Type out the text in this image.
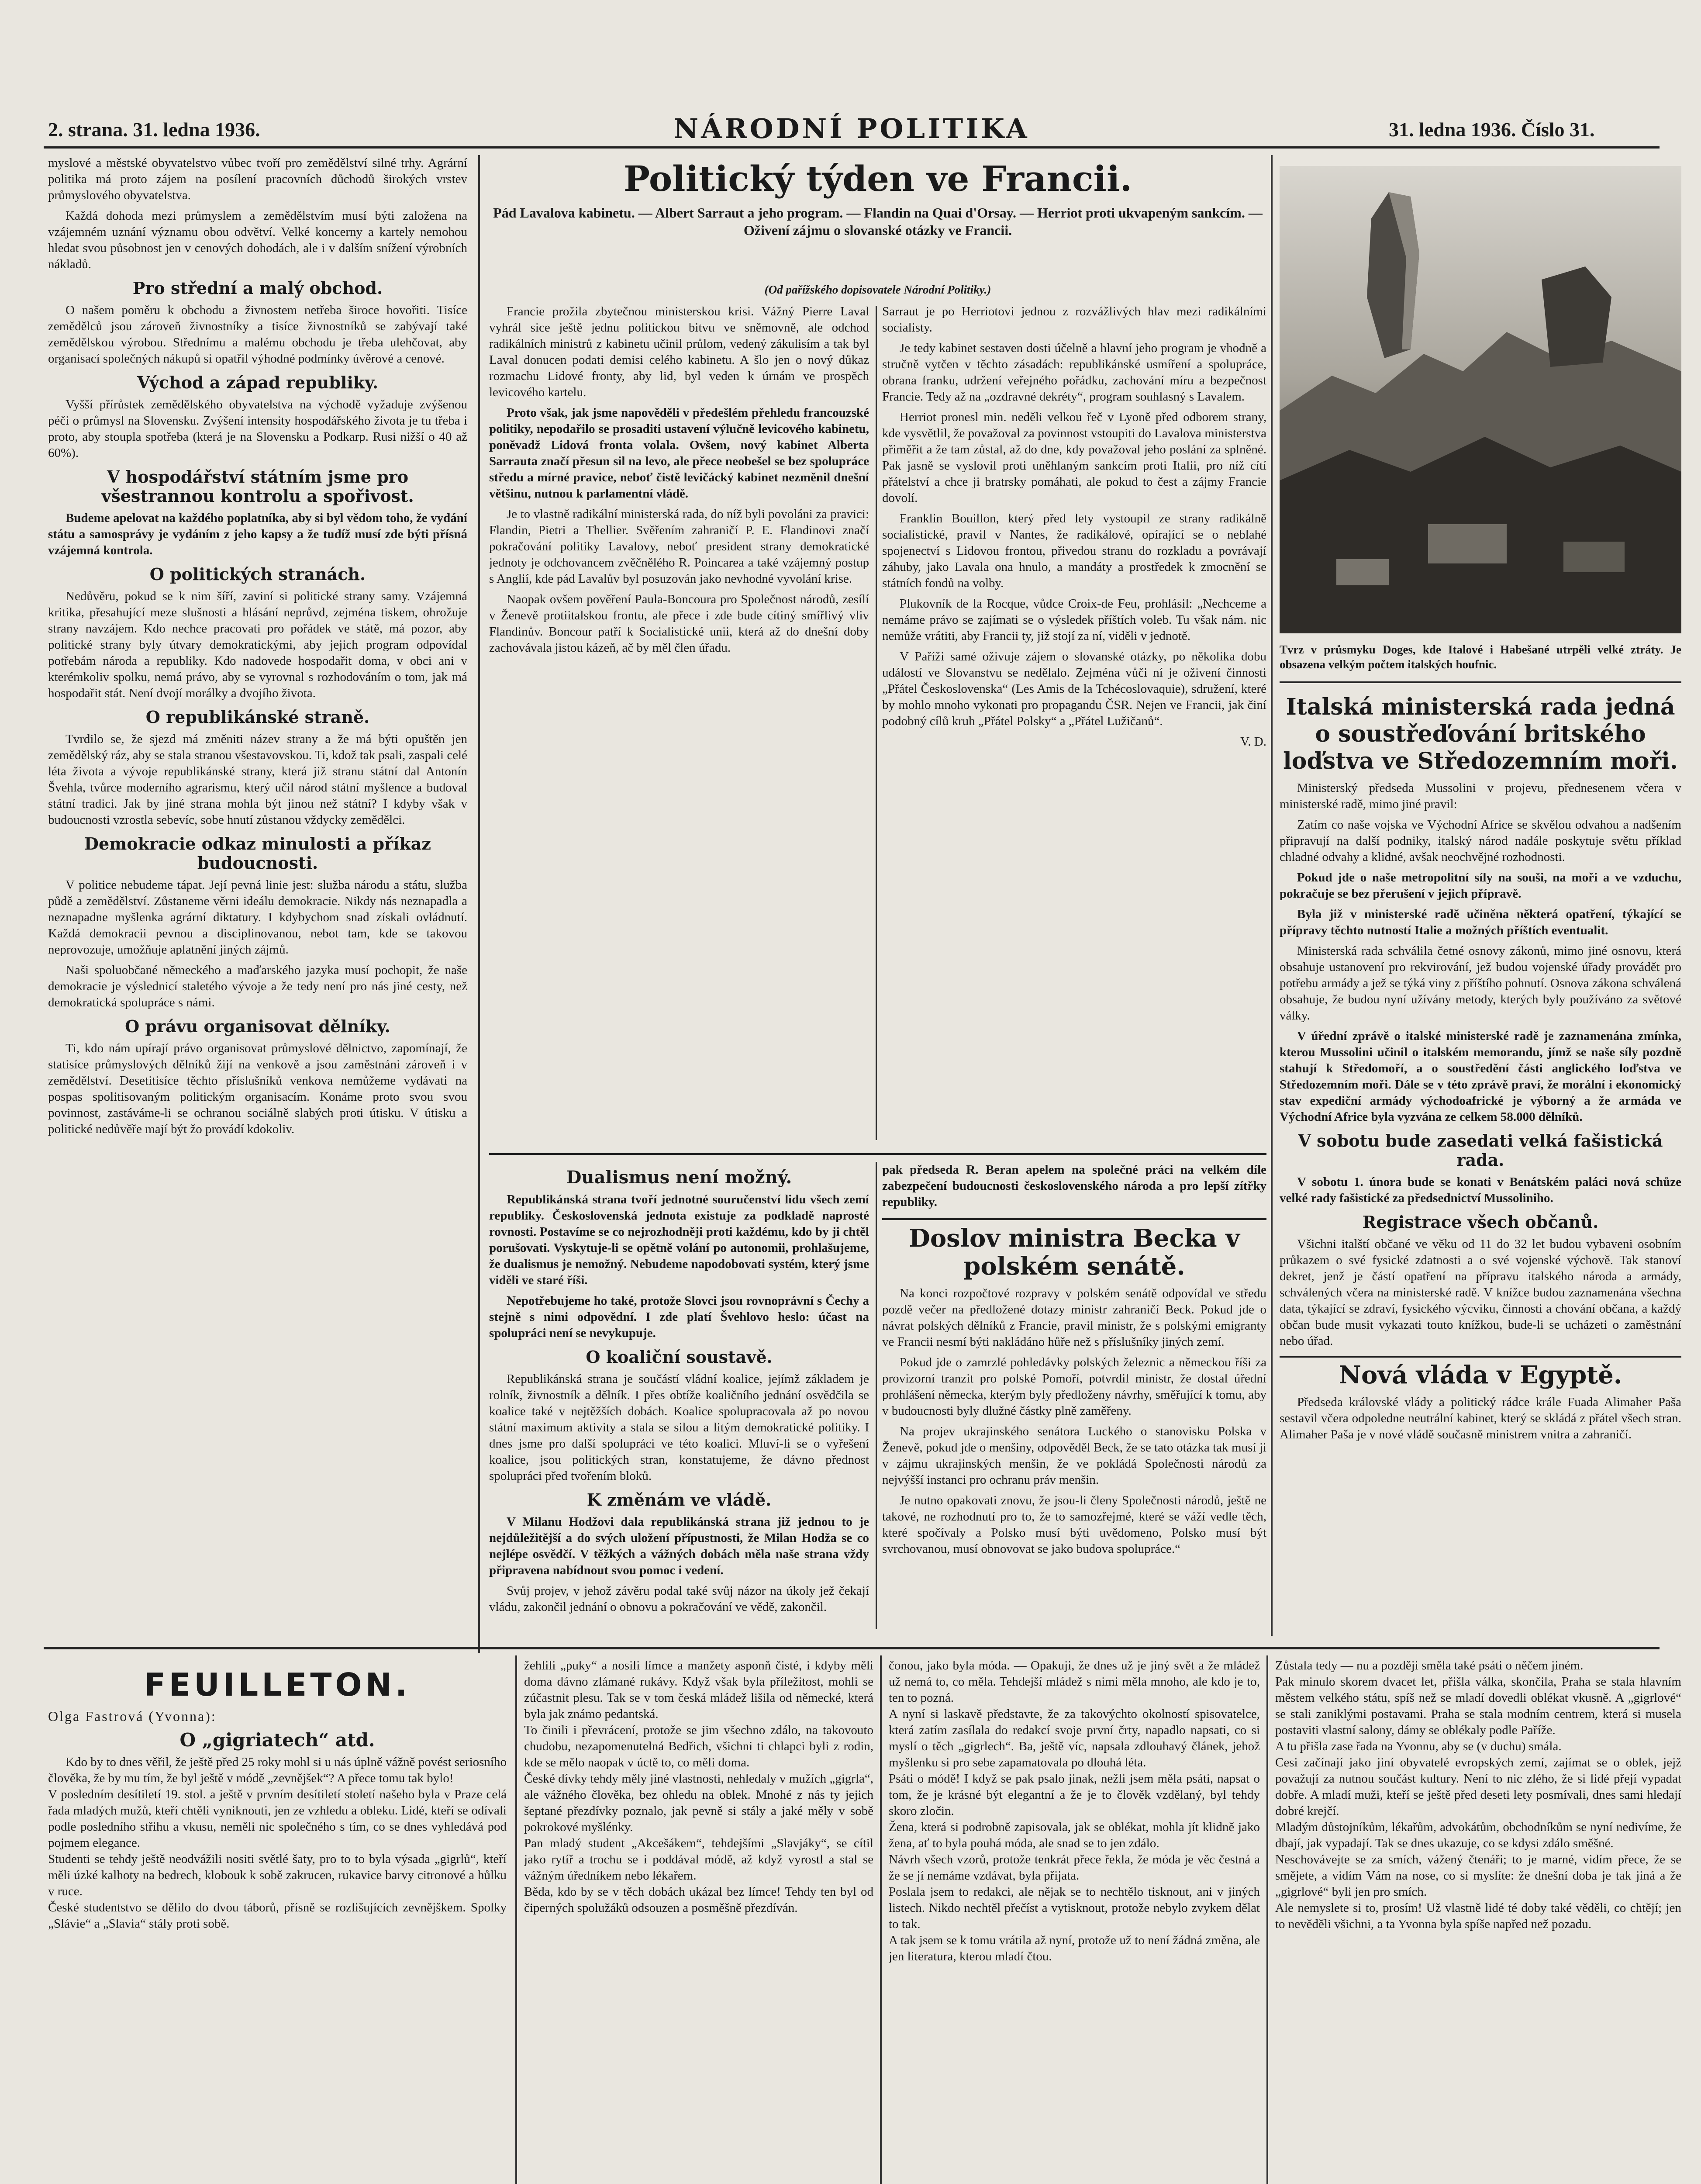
2. strana. 31. ledna 1936.	NÁRODNÍ POLITIKA	31. ledna 1936. Číslo 31.

myslové a městské obyvatelstvo vůbec tvoří pro zemědělství silné trhy. Agrární politika má proto zájem na posílení pracovních důchodů širokých vrstev průmyslového obyvatelstva.

Každá dohoda mezi průmyslem a zemědělstvím musí býti založena na vzájemném uznání významu obou odvětví. Velké koncerny a kartely nemohou hledat svou působnost jen v cenových dohodách, ale i v dalším snížení výrobních nákladů.

Pro střední a malý obchod.

O našem poměru k obchodu a živnostem netřeba široce hovořiti. Tisíce zemědělců jsou zároveň živnostníky a tisíce živnostníků se zabývají také zemědělskou výrobou. Střednímu a malému obchodu je třeba ulehčovat, aby organisací společných nákupů si opatřil výhodné podmínky úvěrové a cenové.

Východ a západ republiky.

Vyšší přírůstek zemědělského obyvatelstva na východě vyžaduje zvýšenou péči o průmysl na Slovensku. Zvýšení intensity hospodářského života je tu třeba i proto, aby stoupla spotřeba (která je na Slovensku a Podkarp. Rusi nižší o 40 až 60%).

V hospodářství státním jsme pro všestrannou kontrolu a spořivost.

Budeme apelovat na každého poplatníka, aby si byl vědom toho, že vydání státu a samosprávy je vydáním z jeho kapsy a že tudíž musí zde býti přísná vzájemná kontrola.

O politických stranách.

Nedůvěru, pokud se k nim šíří, zaviní si politické strany samy. Vzájemná kritika, přesahující meze slušnosti a hlásání neprůvd, zejména tiskem, ohrožuje strany navzájem. Kdo nechce pracovati pro pořádek ve státě, má pozor, aby politické strany byly útvary demokratickými, aby jejich program odpovídal potřebám národa a republiky. Kdo nadovede hospodařit doma, v obci ani v kterémkoliv spolku, nemá právo, aby se vyrovnal s rozhodováním o tom, jak má hospodařit stát. Není dvojí morálky a dvojího života.

O republikánské straně.

Tvrdilo se, že sjezd má změniti název strany a že má býti opuštěn jen zemědělský ráz, aby se stala stranou všestavovskou. Ti, kdož tak psali, zaspali celé léta života a vývoje republikánské strany, která již stranu státní dal Antonín Švehla, tvůrce moderního agrarismu, který učil národ státní myšlence a budoval státní tradici. Jak by jiné strana mohla být jinou než státní? I kdyby však v budoucnosti vzrostla sebevíc, sobe hnutí zůstanou vždycky zemědělci.

Demokracie odkaz minulosti a příkaz budoucnosti.

V politice nebudeme tápat. Její pevná linie jest: služba národu a státu, služba půdě a zemědělství. Zůstaneme věrni ideálu demokracie. Nikdy nás neznapadla a neznapadne myšlenka agrární diktatury. I kdybychom snad získali ovládnutí. Každá demokracii pevnou a disciplinovanou, nebot tam, kde se takovou neprovozuje, umožňuje aplatnění jiných zájmů.

Naši spoluobčané německého a maďarského jazyka musí pochopit, že naše demokracie je výslednicí staletého vývoje a že tedy není pro nás jiné cesty, než demokratická spolupráce s námi.

O právu organisovat dělníky.

Ti, kdo nám upírají právo organisovat průmyslové dělnictvo, zapomínají, že statisíce průmyslových dělníků žijí na venkově a jsou zaměstnáni zároveň i v zemědělství. Desetitisíce těchto příslušníků venkova nemůžeme vydávati na pospas spolitisovaným politickým organisacím. Konáme proto svou svou povinnost, zastáváme-li se ochranou sociálně slabých proti útisku. V útisku a politické nedůvěře mají být žo provádí kdokoliv.

Politický týden ve Francii.

Pád Lavalova kabinetu. — Albert Sarraut a jeho program. — Flandin na Quai d'Orsay. — Herriot proti ukvapeným sankcím. — Oživení zájmu o slovanské otázky ve Francii.

(Od pařížského dopisovatele Národní Politiky.)

Francie prožila zbytečnou ministerskou krisi. Vážný Pierre Laval vyhrál sice ještě jednu politickou bitvu ve sněmovně, ale odchod radikálních ministrů z kabinetu učinil průlom, vedený zákulisím a tak byl Laval donucen podati demisi celého kabinetu. A šlo jen o nový důkaz rozmachu Lidové fronty, aby lid, byl veden k úrnám ve prospěch levicového kartelu.

Proto však, jak jsme napověděli v předešlém přehledu francouzské politiky, nepodařilo se prosaditi ustavení výlučně levicového kabinetu, poněvadž Lidová fronta volala. Ovšem, nový kabinet Alberta Sarrauta značí přesun sil na levo, ale přece neobešel se bez spolupráce středu a mírné pravice, neboť čistě levičácký kabinet nezměnil dnešní většinu, nutnou k parlamentní vládě.

Je to vlastně radikální ministerská rada, do níž byli povoláni za pravici: Flandin, Pietri a Thellier. Svěřením zahraničí P. E. Flandinovi značí pokračování politiky Lavalovy, neboť president strany demokratické jednoty je odchovancem zvěčnělého R. Poincarea a také vzájemný postup s Anglií, kde pád Lavalův byl posuzován jako nevhodné vyvolání krise.

Naopak ovšem pověření Paula-Boncoura pro Společnost národů, zesílí v Ženevě protiitalskou frontu, ale přece i zde bude cítiný smířlivý vliv Flandinův. Boncour patří k Socialistické unii, která až do dnešní doby zachovávala jistou kázeň, ač by měl člen úřadu.

Sarraut je po Herriotovi jednou z rozvážlivých hlav mezi radikálními socialisty.

Je tedy kabinet sestaven dosti účelně a hlavní jeho program je vhodně a stručně vytčen v těchto zásadách: republikánské usmíření a spolupráce, obrana franku, udržení veřejného pořádku, zachování míru a bezpečnost Francie. Tedy až na „ozdravné dekréty“, program souhlasný s Lavalem.

Herriot pronesl min. neděli velkou řeč v Lyoně před odborem strany, kde vysvětlil, že považoval za povinnost vstoupiti do Lavalova ministerstva přiměřit a že tam zůstal, až do dne, kdy považoval jeho poslání za splněné. Pak jasně se vyslovil proti uněhlaným sankcím proti Italii, pro níž cítí přátelství a chce ji bratrsky pomáhati, ale pokud to čest a zájmy Francie dovolí.

Franklin Bouillon, který před lety vystoupil ze strany radikálně socialistické, pravil v Nantes, že radikálové, opírající se o neblahé spojenectví s Lidovou frontou, přivedou stranu do rozkladu a povrávají záhuby, jako Lavala ona hnulo, a mandáty a prostředek k zmocnění se státních fondů na volby.

Plukovník de la Rocque, vůdce Croix-de Feu, prohlásil: „Nechceme a nemáme právo se zajímati se o výsledek příštích voleb. Tu však nám. nic nemůže vrátiti, aby Francii ty, již stojí za ní, viděli v jednotě.

V Paříži samé oživuje zájem o slovanské otázky, po několika dobu událostí ve Slovanstvu se nedělalo. Zejména vůči ní je oživení činnosti „Přátel Československa“ (Les Amis de la Tchécoslovaquie), sdružení, které by mohlo mnoho vykonati pro propagandu ČSR. Nejen ve Francii, jak činí podobný cílů kruh „Přátel Polsky“ a „Přátel Lužičanů“.

V. D.

Dualismus není možný.

Republikánská strana tvoří jednotné souručenství lidu všech zemí republiky. Československá jednota existuje za podkladě naprosté rovnosti. Postavíme se co nejrozhodněji proti každému, kdo by ji chtěl porušovati. Vyskytuje-li se opětně volání po autonomii, prohlašujeme, že dualismus je nemožný. Nebudeme napodobovati systém, který jsme viděli ve staré říši.

Nepotřebujeme ho také, protože Slovci jsou rovnoprávní s Čechy a stejně s nimi odpovědní. I zde platí Švehlovo heslo: účast na spolupráci není se nevykupuje.

O koaliční soustavě.

Republikánská strana je součástí vládní koalice, jejímž základem je rolník, živnostník a dělník. I přes obtíže koaličního jednání osvědčila se koalice také v nejtěžších dobách. Koalice spolupracovala až po novou státní maximum aktivity a stala se silou a litým demokratické politiky. I dnes jsme pro další spolupráci ve této koalici. Mluví-li se o vyřešení koalice, jsou politických stran, konstatujeme, že dávno přednost spolupráci před tvořením bloků.

K změnám ve vládě.

V Milanu Hodžovi dala republikánská strana již jednou to je nejdůležitější a do svých uložení přípustnosti, že Milan Hodža se co nejlépe osvědčí. V těžkých a vážných dobách měla naše strana vždy připravena nabídnout svou pomoc i vedení.

Svůj projev, v jehož závěru podal také svůj názor na úkoly jež čekají vládu, zakončil jednání o obnovu a pokračování ve vědě, zakončil.

pak předseda R. Beran apelem na společné práci na velkém díle zabezpečení budoucnosti československého národa a pro lepší zítřky republiky.

Doslov ministra Becka v polském senátě.

Na konci rozpočtové rozpravy v polském senátě odpovídal ve středu pozdě večer na předložené dotazy ministr zahraničí Beck. Pokud jde o návrat polských dělníků z Francie, pravil ministr, že s polskými emigranty ve Francii nesmí býti nakládáno hůře než s příslušníky jiných zemí.

Pokud jde o zamrzlé pohledávky polských železnic a německou říši za provizorní tranzit pro polské Pomoří, potvrdil ministr, že dostal úřední prohlášení německa, kterým byly předloženy návrhy, směřující k tomu, aby v budoucnosti byly dlužné částky plně zaměřeny.

Na projev ukrajinského senátora Luckého o stanovisku Polska v Ženevě, pokud jde o menšiny, odpověděl Beck, že se tato otázka tak musí ji v zájmu ukrajinských menšin, že ve pokládá Společnosti národů za nejvýšší instanci pro ochranu práv menšin.

Je nutno opakovati znovu, že jsou-li členy Společnosti národů, ještě ne takové, ne rozhodnutí pro to, že to samozřejmé, které se váží vedle těch, které spočívaly a Polsko musí býti uvědomeno, Polsko musí být svrchovanou, musí obnovovat se jako budova spolupráce.“

Tvrz v průsmyku Doges, kde Italové i Habešané utrpěli velké ztráty. Je obsazena velkým počtem italských houfnic.
Italská ministerská rada jedná o soustřeďování britského loďstva ve Středozemním moři.

Ministerský předseda Mussolini v projevu, přednesenem včera v ministerské radě, mimo jiné pravil:

Zatím co naše vojska ve Východní Africe se skvělou odvahou a nadšením připravují na další podniky, italský národ nadále poskytuje světu příklad chladné odvahy a klidné, avšak neochvějné rozhodnosti.

Pokud jde o naše metropolitní síly na souši, na moři a ve vzduchu, pokračuje se bez přerušení v jejich přípravě.

Byla již v ministerské radě učiněna některá opatření, týkající se přípravy těchto nutností Italie a možných příštích eventualit.

Ministerská rada schválila četné osnovy zákonů, mimo jiné osnovu, která obsahuje ustanovení pro rekvirování, jež budou vojenské úřady provádět pro potřebu armády a jež se týká viny z příštího pohnutí. Osnova zákona schválená obsahuje, že budou nyní užívány metody, kterých byly používáno za světové války.

V úřední zprávě o italské ministerské radě je zaznamenána zmínka, kterou Mussolini učinil o italském memorandu, jímž se naše síly pozdně stahují k Středomoří, a o soustředění části anglického loďstva ve Středozemním moři. Dále se v této zprávě praví, že morální i ekonomický stav expediční armády východoafrické je výborný a že armáda ve Východní Africe byla vyzvána ze celkem 58.000 dělníků.

V sobotu bude zasedati velká fašistická rada.

V sobotu 1. února bude se konati v Benátském paláci nová schůze velké rady fašistické za předsednictví Mussoliniho.

Registrace všech občanů.

Všichni italští občané ve věku od 11 do 32 let budou vybaveni osobním průkazem o své fysické zdatnosti a o své vojenské výchově. Tak stanoví dekret, jenž je částí opatření na přípravu italského národa a armády, schválených včera na ministerské radě. V knížce budou zaznamenána všechna data, týkající se zdraví, fysického výcviku, činnosti a chování občana, a každý občan bude musit vykazati touto knížkou, bude-li se ucházeti o zaměstnání nebo úřad.

Nová vláda v Egyptě.

Předseda královské vlády a politický rádce krále Fuada Alimaher Paša sestavil včera odpoledne neutrální kabinet, který se skládá z přátel všech stran. Alimaher Paša je v nové vládě současně ministrem vnitra a zahraničí.

FEUILLETON.

Olga Fastrová (Yvonna):

O „gigriatech“ atd.

Kdo by to dnes věřil, že ještě před 25 roky mohl si u nás úplně vážně povést seriosního člověka, že by mu tím, že byl ještě v módě „zevnějšek“? A přece tomu tak bylo!
V posledním desítiletí 19. stol. a ještě v prvním desítiletí století našeho byla v Praze celá řada mladých mužů, kteří chtěli vyniknouti, jen ze vzhledu a obleku. Lidé, kteří se odívali podle posledního střihu a vkusu, neměli nic společného s tím, co se dnes vyhledává pod pojmem elegance.
Studenti se tehdy ještě neodvážili nositi světlé šaty, pro to to byla výsada „gigrlů“, kteří měli úzké kalhoty na bedrech, klobouk k sobě zakrucen, rukavice barvy citronové a hůlku v ruce.
České studentstvo se dělilo do dvou táborů, přísně se rozlišujících zevnějškem. Spolky „Slávie“ a „Slavia“ stály proti sobě.

žehlili „puky“ a nosili límce a manžety asponň čisté, i kdyby měli doma dávno zlámané rukávy. Když však byla příležitost, mohli se zúčastnit plesu. Tak se v tom česká mládež lišila od německé, která byla jak známo pedantská.
To činili i převrácení, protože se jim všechno zdálo, na takovouto chudobu, nezapomenutelná Bedřich, všichni ti chlapci byli z rodin, kde se mělo naopak v úctě to, co měli doma.
České dívky tehdy měly jiné vlastnosti, nehledaly v mužích „gigrla“, ale vážného člověka, bez ohledu na oblek. Mnohé z nás ty jejich šeptané přezdívky poznalo, jak pevně si stály a jaké měly v sobě pokrokové myšlénky.
Pan mladý student „Akcešákem“, tehdejšími „Slavjáky“, se cítil jako rytíř a trochu se i poddával módě, až když vyrostl a stal se vážným úředníkem nebo lékařem.
Běda, kdo by se v těch dobách ukázal bez límce! Tehdy ten byl od čiperných spolužáků odsouzen a posměšně přezdíván.

čonou, jako byla móda. — Opakuji, že dnes už je jiný svět a že mládež už nemá to, co měla. Tehdejší mládež s nimi měla mnoho, ale kdo je to, ten to pozná.
A nyní si laskavě představte, že za takovýchto okolností spisovatelce, která zatím zasílala do redakcí svoje první črty, napadlo napsati, co si myslí o těch „gigrlech“. Ba, ještě víc, napsala zdlouhavý článek, jehož myšlenku si pro sebe zapamatovala po dlouhá léta.
Psáti o módě! I když se pak psalo jinak, nežli jsem měla psáti, napsat o tom, že je krásné být elegantní a že je to člověk vzdělaný, byl tehdy skoro zločin.
Žena, která si podrobně zapisovala, jak se oblékat, mohla jít klidně jako žena, ať to byla pouhá móda, ale snad se to jen zdálo.
Návrh všech vzorů, protože tenkrát přece řekla, že móda je věc čestná a že se jí nemáme vzdávat, byla přijata.
Poslala jsem to redakci, ale nějak se to nechtělo tisknout, ani v jiných listech. Nikdo nechtěl přečíst a vytisknout, protože nebylo zvykem dělat to tak.
A tak jsem se k tomu vrátila až nyní, protože už to není žádná změna, ale jen literatura, kterou mladí čtou.

Zůstala tedy — nu a později směla také psáti o něčem jiném.
Pak minulo skorem dvacet let, přišla válka, skončila, Praha se stala hlavním městem velkého státu, spíš než se mladí dovedli oblékat vkusně. A „gigrlové“ se stali zaniklými postavami. Praha se stala modním centrem, která si musela postaviti vlastní salony, dámy se oblékaly podle Paříže.
A tu přišla zase řada na Yvonnu, aby se (v duchu) smála.
Cesi začínají jako jiní obyvatelé evropských zemí, zajímat se o oblek, jejž považují za nutnou součást kultury. Není to nic zlého, že si lidé přejí vypadat dobře. A mladí muži, kteří se ještě před deseti lety posmívali, dnes sami hledají dobré krejčí.
Mladým důstojníkům, lékařům, advokátům, obchodníkům se nyní nedivíme, že dbají, jak vypadají. Tak se dnes ukazuje, co se kdysi zdálo směšné.
Neschovávejte se za smích, vážený čtenáři; to je marné, vidím přece, že se smějete, a vidím Vám na nose, co si myslíte: že dnešní doba je tak jiná a že „gigrlové“ byli jen pro smích.
Ale nemyslete si to, prosím! Už vlastně lidé té doby také věděli, co chtějí; jen to nevěděli všichni, a ta Yvonna byla spíše napřed než pozadu.
